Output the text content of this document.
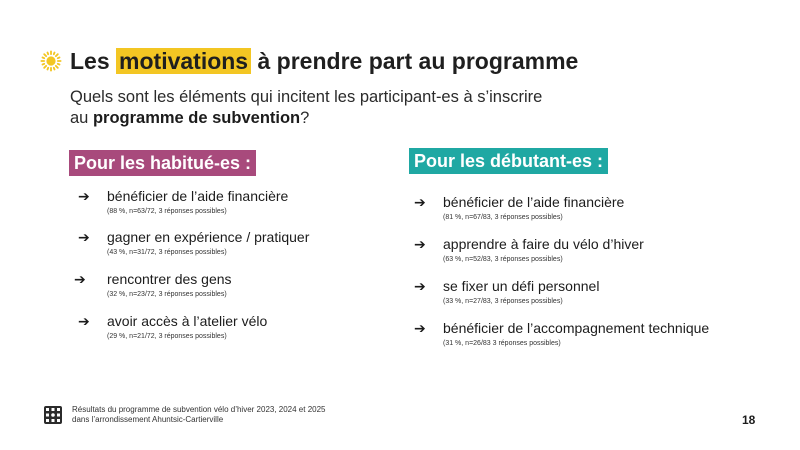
Les motivations à prendre part au programme
Quels sont les éléments qui incitent les participant-es à s’inscrire
au programme de subvention?
Pour les habitué-es :
➔ bénéficier de l’aide financière
(88 %, n=63/72, 3 réponses possibles)
➔ gagner en expérience / pratiquer
(43 %, n=31/72, 3 réponses possibles)
➔ rencontrer des gens
(32 %, n=23/72, 3 réponses possibles)
➔ avoir accès à l’atelier vélo
(29 %, n=21/72, 3 réponses possibles)
Pour les débutant-es :
➔ bénéficier de l’aide financière
(81 %, n=67/83, 3 réponses possibles)
➔ apprendre à faire du vélo d’hiver
(63 %, n=52/83, 3 réponses possibles)
➔ se fixer un défi personnel
(33 %, n=27/83, 3 réponses possibles)
➔ bénéficier de l’accompagnement technique
(31 %, n=26/83 3 réponses possibles)
Résultats du programme de subvention vélo d’hiver 2023, 2024 et 2025
dans l’arrondissement Ahuntsic-Cartierville	18
